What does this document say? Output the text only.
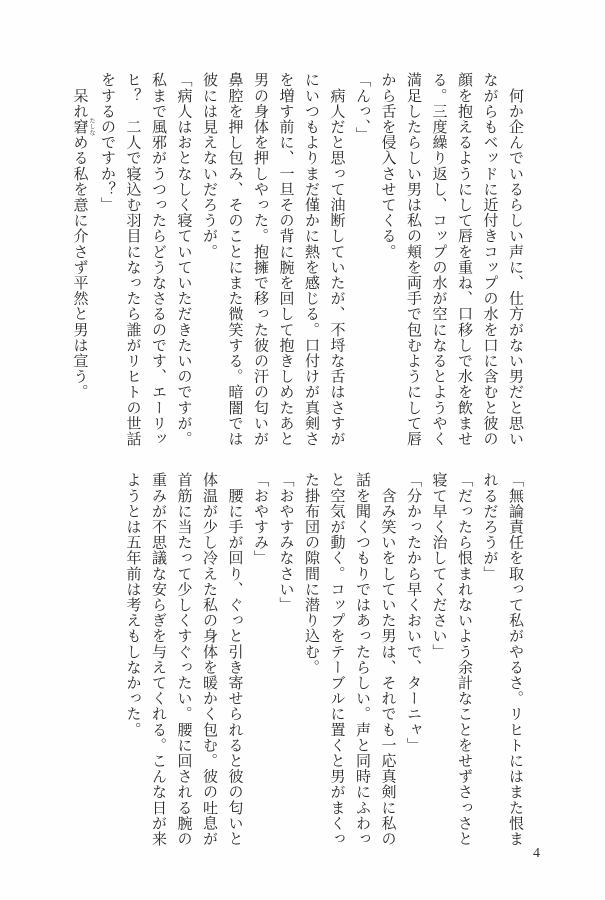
　何か企んでいるらしい声に、仕方がない男だと思い
ながらもベッドに近付きコップの水を口に含むと彼の
顔を抱えるようにして唇を重ね、口移しで水を飲ませ
る。三度繰り返し、コップの水が空になるとようやく
満足したらしい男は私の頬を両手で包むようにして唇
から舌を侵入させてくる。
「んっ、」
　病人だと思って油断していたが、不埒な舌はさすが
にいつもよりまだ僅かに熱を感じる。口付けが真剣さ
を増す前に、一旦その背に腕を回して抱きしめたあと
男の身体を押しやった。抱擁で移った彼の汗の匂いが
鼻腔を押し包み、そのことにまた微笑する。暗闇では
彼には見えないだろうが。
「病人はおとなしく寝ていていただきたいのですが。
私まで風邪がうつったらどうなさるのです、エーリッ
ヒ？　二人で寝込む羽目になったら誰がリヒトの世話
をするのですか？」
　呆れ窘たしなめる私を意に介さず平然と男は宣う。
「無論責任を取って私がやるさ。リヒトにはまた恨ま
れるだろうが」
「だったら恨まれないよう余計なことをせずさっさと
寝て早く治してください」
「分かったから早くおいで、ターニャ」
　含み笑いをしていた男は、それでも一応真剣に私の
話を聞くつもりではあったらしい。声と同時にふわっ
と空気が動く。コップをテーブルに置くと男がまくっ
た掛布団の隙間に潜り込む。
「おやすみなさい」
「おやすみ」
　腰に手が回り、ぐっと引き寄せられると彼の匂いと
体温が少し冷えた私の身体を暖かく包む。彼の吐息が
首筋に当たって少しくすぐったい。腰に回される腕の
重みが不思議な安らぎを与えてくれる。こんな日が来
ようとは五年前は考えもしなかった。
4
